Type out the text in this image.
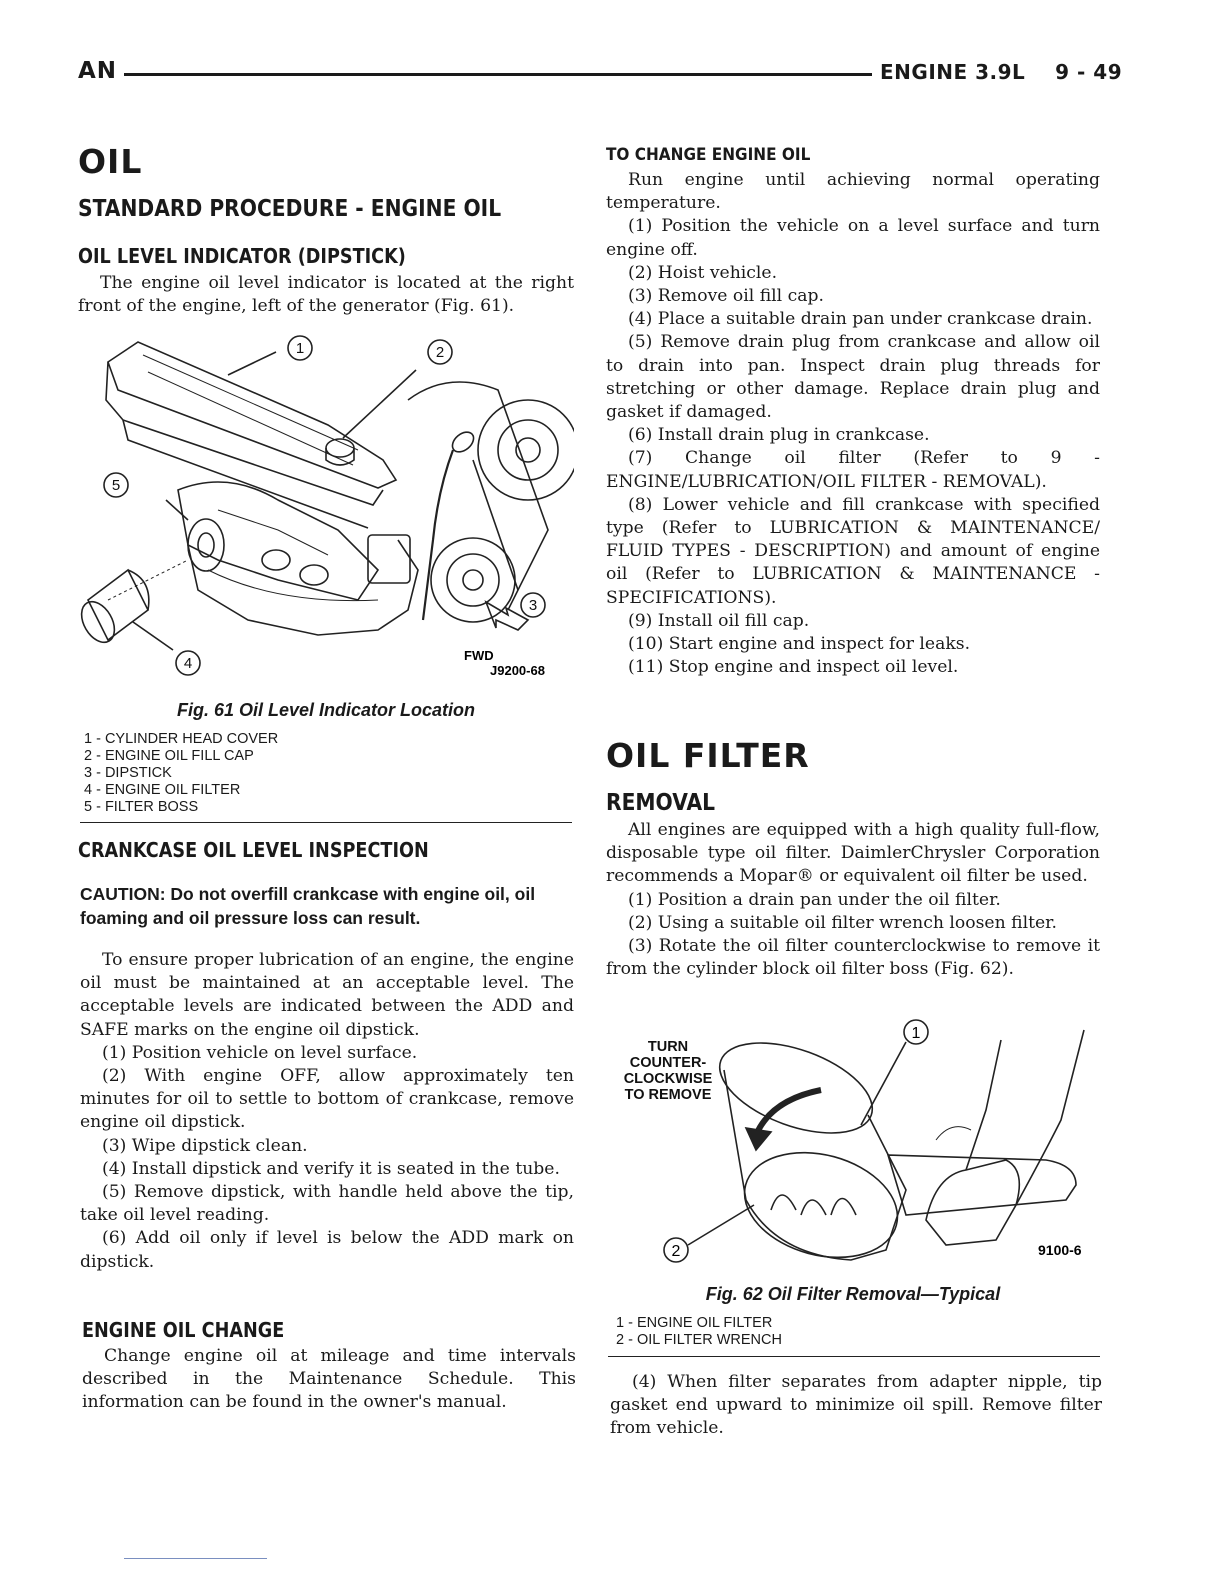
AN	ENGINE 3.9L    9 - 49
OIL
STANDARD PROCEDURE - ENGINE OIL
OIL LEVEL INDICATOR (DIPSTICK)

The engine oil level indicator is located at the right front of the engine, left of the generator (Fig. 61).

1	2
3
4
5
FWD
J9200-68

Fig. 61 Oil Level Indicator Location

1 - CYLINDER HEAD COVER
2 - ENGINE OIL FILL CAP
3 - DIPSTICK
4 - ENGINE OIL FILTER
5 - FILTER BOSS
CRANKCASE OIL LEVEL INSPECTION

CAUTION: Do not overfill crankcase with engine oil, oil foaming and oil pressure loss can result.

To ensure proper lubrication of an engine, the engine oil must be maintained at an acceptable level. The acceptable levels are indicated between the ADD and SAFE marks on the engine oil dipstick.

(1) Position vehicle on level surface.

(2) With engine OFF, allow approximately ten minutes for oil to settle to bottom of crankcase, remove engine oil dipstick.

(3) Wipe dipstick clean.

(4) Install dipstick and verify it is seated in the tube.

(5) Remove dipstick, with handle held above the tip, take oil level reading.

(6) Add oil only if level is below the ADD mark on dipstick.

ENGINE OIL CHANGE

Change engine oil at mileage and time intervals described in the Maintenance Schedule. This information can be found in the owner's manual.

TO CHANGE ENGINE OIL

Run engine until achieving normal operating temperature.

(1) Position the vehicle on a level surface and turn engine off.

(2) Hoist vehicle.

(3) Remove oil fill cap.

(4) Place a suitable drain pan under crankcase drain.

(5) Remove drain plug from crankcase and allow oil to drain into pan. Inspect drain plug threads for stretching or other damage. Replace drain plug and gasket if damaged.

(6) Install drain plug in crankcase.

(7) Change oil filter (Refer to 9 - ENGINE/LUBRICATION/OIL FILTER - REMOVAL).

(8) Lower vehicle and fill crankcase with specified type (Refer to LUBRICATION & MAINTENANCE/ FLUID TYPES - DESCRIPTION) and amount of engine oil (Refer to LUBRICATION & MAINTENANCE - SPECIFICATIONS).

(9) Install oil fill cap.

(10) Start engine and inspect for leaks.

(11) Stop engine and inspect oil level.

OIL FILTER
REMOVAL

All engines are equipped with a high quality full-flow, disposable type oil filter. DaimlerChrysler Corporation recommends a Mopar® or equivalent oil filter be used.

(1) Position a drain pan under the oil filter.

(2) Using a suitable oil filter wrench loosen filter.

(3) Rotate the oil filter counterclockwise to remove it from the cylinder block oil filter boss (Fig. 62).

1
2
TURN
COUNTER-
CLOCKWISE
TO REMOVE
9100-6

Fig. 62 Oil Filter Removal—Typical

1 - ENGINE OIL FILTER
2 - OIL FILTER WRENCH

(4) When filter separates from adapter nipple, tip gasket end upward to minimize oil spill. Remove filter from vehicle.
